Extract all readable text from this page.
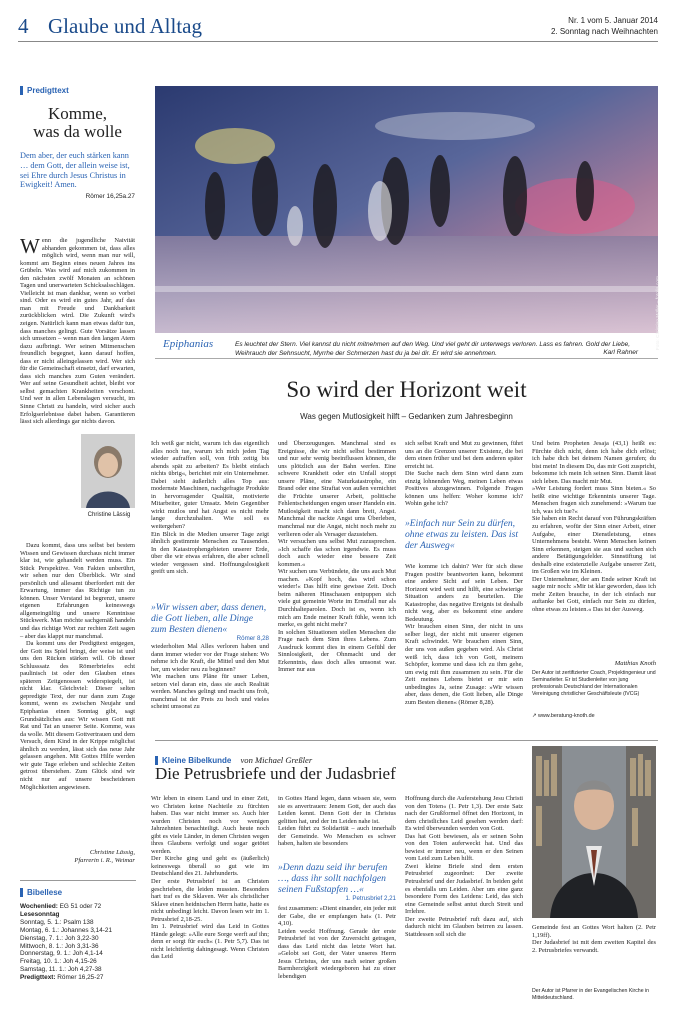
4 Glaube und Alltag	Nr. 1 vom 5. Januar 2014
2. Sonntag nach Weihnachten
Predigttext
Komme,
was da wolle
Dem aber, der euch stärken kann … dem Gott, der allein weise ist, sei Ehre durch Jesus Christus in Ewigkeit! Amen.
Römer 16,25a.27
W enn die jugendliche Naivität abhanden gekommen ist, dass alles möglich wird, wenn man nur will, kommt am Beginn eines neuen Jahres ins Grübeln. Was wird auf mich zukommen in den nächsten zwölf Monaten an schönen Tagen und unerwarteten Schicksalsschlägen. Vielleicht ist man dankbar, wenn so vorbei sind. Oder es wird ein gutes Jahr, auf das man mit Freude und Dankbarkeit zurückblicken wird. Die Zukunft wird's zeigen. Natürlich kann man etwas dafür tun, dass manches gelingt. Gute Vorsätze lassen sich umsetzen – wenn man den langen Atem dazu aufbringt. Wer seinen Mitmenschen freundlich begegnet, kann darauf hoffen, dass er nicht alleingelassen wird. Wer sich für die Gemeinschaft einsetzt, darf erwarten, dass sich manches zum Guten verändert. Wer auf seine Gesundheit achtet, bleibt vor selbst gemachten Krankheiten verschont. Und wer in allen Lebenslagen versucht, im Sinne Christi zu handeln, wird sicher auch Erfolgserlebnisse dabei haben. Garantieren lässt sich allerdings gar nichts davon.
Christine Lässig

Dazu kommt, dass uns selbst bei bestem Wissen und Gewissen durchaus nicht immer klar ist, wie gehandelt werden muss. Ein Stück Perspektive. Von Fakten unberührt, wir sehen nur den Überblick. Wir sind persönlich und allesamt überfordert mit der Erwartung, immer das Richtige tun zu können. Unser Verstand ist begrenzt, unsere eigenen Erfahrungen keineswegs allgemeingültig und unsere Kenntnisse Stückwerk. Man möchte sachgemäß handeln und das richtige Wort zur rechten Zeit sagen – aber das klappt nur manchmal.

Da kommt uns der Predigttext entgegen, der Gott ins Spiel bringt, der weise ist und uns den Rücken stärken will. Ob dieser Schlusssatz des Römerbriefes echt paulinisch ist oder den Glauben eines späteren Zeitgenossen widerspiegelt, ist nicht klar. Gleichviel: Dieser selten gepredigte Text, der nur dann zum Zuge kommt, wenn es zwischen Neujahr und Epiphanias einen Sonntag gibt, sagt Grundsätzliches aus: Wir wissen Gott mit Rat und Tat an unserer Seite. Komme, was da wolle. Mit diesem Gottvertrauen und dem Versuch, dem Kind in der Krippe möglichst ähnlich zu werden, lässt sich das neue Jahr gelassen angehen. Mit Gottes Hilfe werden wir gute Tage erleben und schlechte Zeiten getrost überstehen. Zum Glück sind wir nicht nur auf unsere bescheidenen Möglichkeiten angewiesen.

Christine Lässig,
Pfarrerin i. R., Weimar
Bibellese
Wochenlied: EG 51 oder 72
Lesesonntag
Sonntag, 5. 1.: Psalm 138
Montag, 6. 1.: Johannes 3,14-21
Dienstag, 7. 1.: Joh 3,22-30
Mittwoch, 8. 1.: Joh 3,31-36
Donnerstag, 9. 1.: Joh 4,1-14
Freitag, 10. 1.: Joh 4,15-26
Samstag, 11. 1.: Joh 4,27-38
Predigttext: Römer 16,25-27
Foto: Christian Müller – fotolia.com
Epiphanias	Es leuchtet der Stern. Viel kannst du nicht mitnehmen auf den Weg. Und viel geht dir unterwegs verloren. Lass es fahren. Gold der Liebe, Weihrauch der Sehnsucht, Myrrhe der Schmerzen hast du ja bei dir. Er wird sie annehmen.	Karl Rahner
So wird der Horizont weit
Was gegen Mutlosigkeit hilft – Gedanken zum Jahresbeginn

Ich weiß gar nicht, warum ich das eigentlich alles noch tue, warum ich mich jeden Tag wieder aufraffen soll, von früh zeitig bis abends spät zu arbeiten? Es bleibt einfach nichts übrig«, berichtet mir ein Unternehmer. Dabei sieht äußerlich alles Top aus: modernste Maschinen, nachgefragte Produkte in hervorragender Qualität, motivierte Mitarbeiter, guter Umsatz. Mein Gegenüber wirkt mutlos und hat Angst es nicht mehr lange durchzuhalten. Wie soll es weitergehen?
Ein Blick in die Medien unserer Tage zeigt ähnlich gestimmte Menschen zu Tausenden. In den Katastrophengebieten unserer Erde, über die wir etwas erfahren, die aber schnell wieder vergessen sind. Hoffnungslosigkeit greift um sich.

»Wir wissen aber, dass denen, die Gott lieben, alle Dinge zum Besten dienen«
Römer 8,28

wiederholten Mal Alles verloren haben und dann immer wieder vor der Frage stehen: Wo nehme ich die Kraft, die Mittel und den Mut her, um wieder neu zu beginnen?
Wie machen uns Pläne für unser Leben, setzen viel daran ein, dass sie auch Realität werden. Manches gelingt und macht uns froh, manchmal ist der Preis zu hoch und vieles scheint umsonst zu

und Überzeugungen. Manchmal sind es Ereignisse, die wir nicht selbst bestimmen und nur sehr wenig beeinflussen können, die uns plötzlich aus der Bahn werfen. Eine schwere Krankheit oder ein Unfall stoppt unsere Pläne, eine Naturkatastrophe, ein Brand oder eine Straftat von außen vernichtet die Früchte unserer Arbeit, politische Fehlentscheidungen engen unser Handeln ein. Mutlosigkeit macht sich dann breit, Angst. Manchmal die nackte Angst ums Überleben, manchmal nur die Angst, nicht noch mehr zu verlieren oder als Versager dazustehen.
Wir versuchen uns selbst Mut zuzusprechen. »Ich schaffe das schon irgendwie. Es muss doch auch wieder eine bessere Zeit kommen.«
Wir suchen uns Verbündete, die uns auch Mut machen. »Kopf hoch, das wird schon wieder!« Das hilft eine gewisse Zeit. Doch beim näheren Hinschauen entpuppen sich viele gut gemeinte Worte im Ernstfall nur als Durchhalteparolen. Doch ist es, wenn ich mich am Ende meiner Kraft fühle, wenn ich merke, es geht nicht mehr?
In solchen Situationen stellen Menschen die Frage nach dem Sinn ihres Lebens. Zum Ausdruck kommt dies in einem Gefühl der Sinnlosigkeit, der Ohnmacht und der Erkenntnis, dass doch alles umsonst war. Immer nur aus

sich selbst Kraft und Mut zu gewinnen, führt uns an die Grenzen unserer Existenz, die bei dem einen früher und bei dem anderen später erreicht ist.
Die Suche nach dem Sinn wird dann zum einzig lohnenden Weg, meinen Leben etwas Positives abzugewinnen. Folgende Fragen können uns helfen: Woher komme ich? Wohin gehe ich?

»Einfach nur Sein zu dürfen, ohne etwas zu leisten. Das ist der Ausweg«

Wie komme ich dahin? Wer für sich diese Fragen positiv beantworten kann, bekommt eine andere Sicht auf sein Leben. Der Horizont wird weit und hilft, eine schwierige Situation anders zu beurteilen. Die Katastrophe, das negative Ereignis ist deshalb nicht weg, aber es bekommt eine andere Bedeutung.
Wir brauchen einen Sinn, der nicht in uns selber liegt, der nicht mit unserer eigenen Kraft schwindet. Wir brauchen einen Sinn, der uns von außen gegeben wird. Als Christ weiß ich, dass ich von Gott, meinem Schöpfer, komme und dass ich zu ihm gehe, um ewig mit ihm zusammen zu sein. Für die Zeit meines Lebens bietet er mir sein unbedingtes Ja, seine Zusage: »Wir wissen aber, dass denen, die Gott lieben, alle Dinge zum Besten dienen« (Römer 8,28).

Und beim Propheten Jesaja (43,1) heißt es: Fürchte dich nicht, denn ich habe dich erlöst; ich habe dich bei deinem Namen gerufen; du bist mein! In diesem Du, das mir Gott zuspricht, bekomme ich mein Ich seinen Sinn. Damit lässt sich leben. Das macht mir Mut.
»Wer Leistung fordert muss Sinn bieten.« So heißt eine wichtige Erkenntnis unserer Tage. Menschen fragen sich zunehmend: »Warum tue ich, was ich tue?«
Sie haben ein Recht darauf von Führungskräften zu erfahren, wofür der Sinn einer Arbeit, einer Aufgabe, einer Dienstleistung, eines Unternehmens besteht. Wenn Menschen keinen Sinn erkennen, steigen sie aus und suchen sich andere Betätigungsfelder. Sinnstiftung ist deshalb eine existenzielle Aufgabe unserer Zeit, im Großen wie im Kleinen.
Der Unternehmer, der am Ende seiner Kraft ist sagte mir noch: »Mir ist klar geworden, dass ich mehr Zeiten brauche, in der ich einfach nur auftanke bei Gott, einfach nur Sein zu dürfen, ohne etwas zu leisten.« Das ist der Ausweg.

Matthias Knoth
Der Autor ist zertifizierter Coach, Projektingenieur und Seminarleiter. Er ist Studienleiter von jung professionals Deutschland der Internationalen Vereinigung christlicher Geschäftsleute (IVCG)
↗ www.beratung-knoth.de
Kleine Bibelkunde von Michael Greßler
Die Petrusbriefe und der Judasbrief

Wir leben in einem Land und in einer Zeit, wo Christen keine Nachteile zu fürchten haben. Das war nicht immer so. Auch hier wurden Christen noch vor wenigen Jahrzehnten benachteiligt. Auch heute noch gibt es viele Länder, in denen Christen wegen ihres Glaubens verfolgt und sogar getötet werden.
Der Kirche ging und geht es (äußerlich) keineswegs überall so gut wie im Deutschland des 21. Jahrhunderts.
Der erste Petrusbrief ist an Christen geschrieben, die leiden mussten. Besonders hart traf es die Sklaven. Wer als christlicher Sklave einen heidnischen Herrn hatte, hatte es nicht unbedingt leicht. Davon lesen wir im 1. Petrusbrief 2,18-25.
Im 1. Petrusbrief wird das Leid in Gottes Hände gelegt: »Alle eure Sorge werft auf ihn; denn er sorgt für euch« (1. Petr 5,7). Das ist nicht leichtfertig dahingesagt. Wenn Christen das Leid

in Gottes Hand legen, dann wissen sie, wem sie es anvertrauen: Jenem Gott, der auch das Leiden kennt. Denn Gott der in Christus gelitten hat, und der im Leiden nahe ist.
Leiden führt zu Solidarität – auch innerhalb der Gemeinde. Wo Menschen es schwer haben, halten sie besonders

»Denn dazu seid ihr berufen …, dass ihr sollt nachfolgen seinen Fußstapfen …«
1. Petrusbrief 2,21

fest zusammen: »Dient einander, ein jeder mit der Gabe, die er empfangen hat« (1. Petr 4,10).
Leiden weckt Hoffnung. Gerade der erste Petrusbrief ist von der Zuversicht getragen, dass das Leid nicht das letzte Wort hat. »Gelobt sei Gott, der Vater unseres Herrn Jesus Christus, der uns nach seiner großen Barmherzigkeit wiedergeboren hat zu einer lebendigen

Hoffnung durch die Auferstehung Jesu Christi von den Toten« (1. Petr 1,3). Der erste Satz nach der Grußformel öffnet den Horizont, in dem christliches Leid gesehen werden darf: Es wird überwunden werden von Gott.
Das hat Gott bewiesen, als er seinen Sohn von den Toten auferweckt hat. Und das bewiest er immer neu, wenn er den Seinen vom Leid zum Leben hilft.
Zwei kleine Briefe sind dem ersten Petrusbrief zugeordnet: Der zweite Petrusbrief und der Judasbrief. In beiden geht es ebenfalls um Leiden. Aber um eine ganz besondere Form des Leidens: Leid, das sich eine Gemeinde selbst antut durch Streit und Irrlehre.
Der zweite Petrusbrief ruft dazu auf, sich dadurch nicht im Glauben beirren zu lassen. Stattdessen soll sich die

Gemeinde fest an Gottes Wort halten (2. Petr 1,19ff).
Der Judasbrief ist mit dem zweiten Kapitel des 2. Petrusbriefes verwandt.

Der Autor ist Pfarrer in der Evangelischen Kirche in Mitteldeutschland.
